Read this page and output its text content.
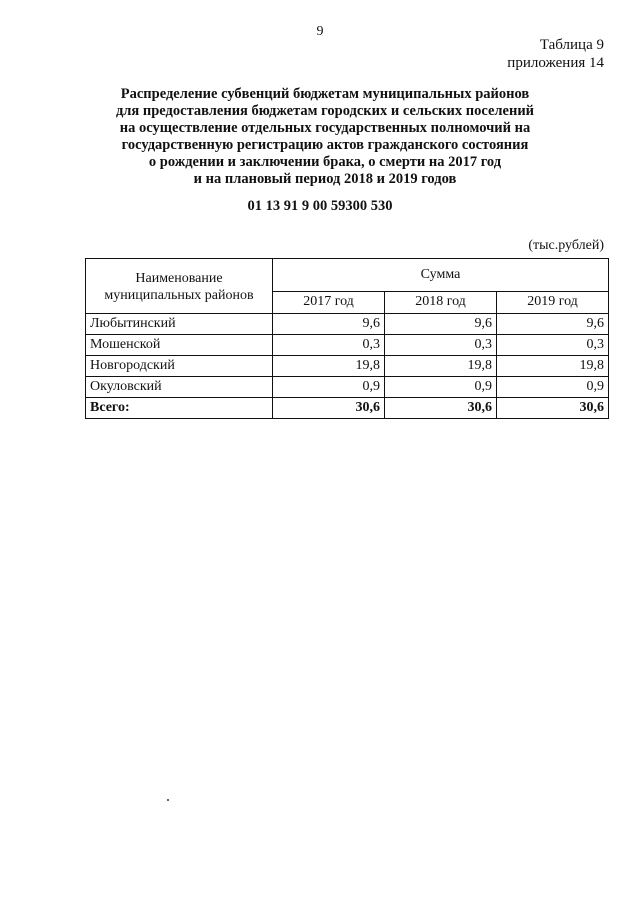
9
Таблица 9
приложения 14
Распределение субвенций бюджетам муниципальных районов
для предоставления бюджетам городских и сельских поселений
на осуществление отдельных государственных полномочий на
государственную регистрацию актов гражданского состояния
о рождении и заключении брака, о смерти на 2017 год
и на плановый период 2018 и 2019 годов
01 13 91 9 00 59300 530
(тыс.рублей)
Наименование
муниципальных районов	Сумма		
	2017 год	2018 год	2019 год
Любытинский	9,6	9,6	9,6
Мошенской	0,3	0,3	0,3
Новгородский	19,8	19,8	19,8
Окуловский	0,9	0,9	0,9
Всего:	30,6	30,6	30,6
